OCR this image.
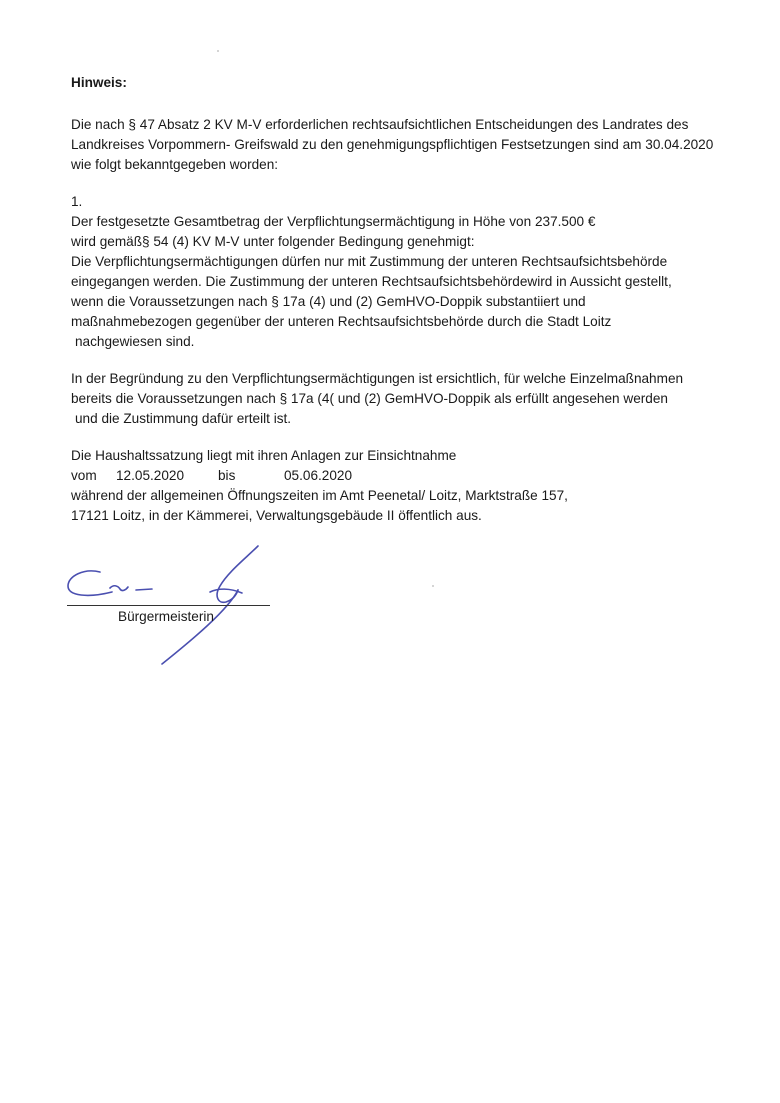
Hinweis:
Die nach § 47 Absatz 2 KV M-V erforderlichen rechtsaufsichtlichen Entscheidungen des Landrates des
Landkreises Vorpommern- Greifswald zu den genehmigungspflichtigen Festsetzungen sind am 30.04.2020
wie folgt bekanntgegeben worden:
1.
Der festgesetzte Gesamtbetrag der Verpflichtungsermächtigung in Höhe von 237.500 €
wird gemäß§ 54 (4) KV M-V unter folgender Bedingung genehmigt:
Die Verpflichtungsermächtigungen dürfen nur mit Zustimmung der unteren Rechtsaufsichtsbehörde
eingegangen werden. Die Zustimmung der unteren Rechtsaufsichtsbehördewird in Aussicht gestellt,
wenn die Voraussetzungen nach § 17a (4) und (2) GemHVO-Doppik substantiiert und
maßnahmebezogen gegenüber der unteren Rechtsaufsichtsbehörde durch die Stadt Loitz
nachgewiesen sind.
In der Begründung zu den Verpflichtungsermächtigungen ist ersichtlich, für welche Einzelmaßnahmen
bereits die Voraussetzungen nach § 17a (4( und (2) GemHVO-Doppik als erfüllt angesehen werden
und die Zustimmung dafür erteilt ist.
Die Haushaltssatzung liegt mit ihren Anlagen zur Einsichtnahme
vom 12.05.2020 bis	05.06.2020
während der allgemeinen Öffnungszeiten im Amt Peenetal/ Loitz, Marktstraße 157,
17121 Loitz, in der Kämmerei, Verwaltungsgebäude II öffentlich aus.
Bürgermeisterin
